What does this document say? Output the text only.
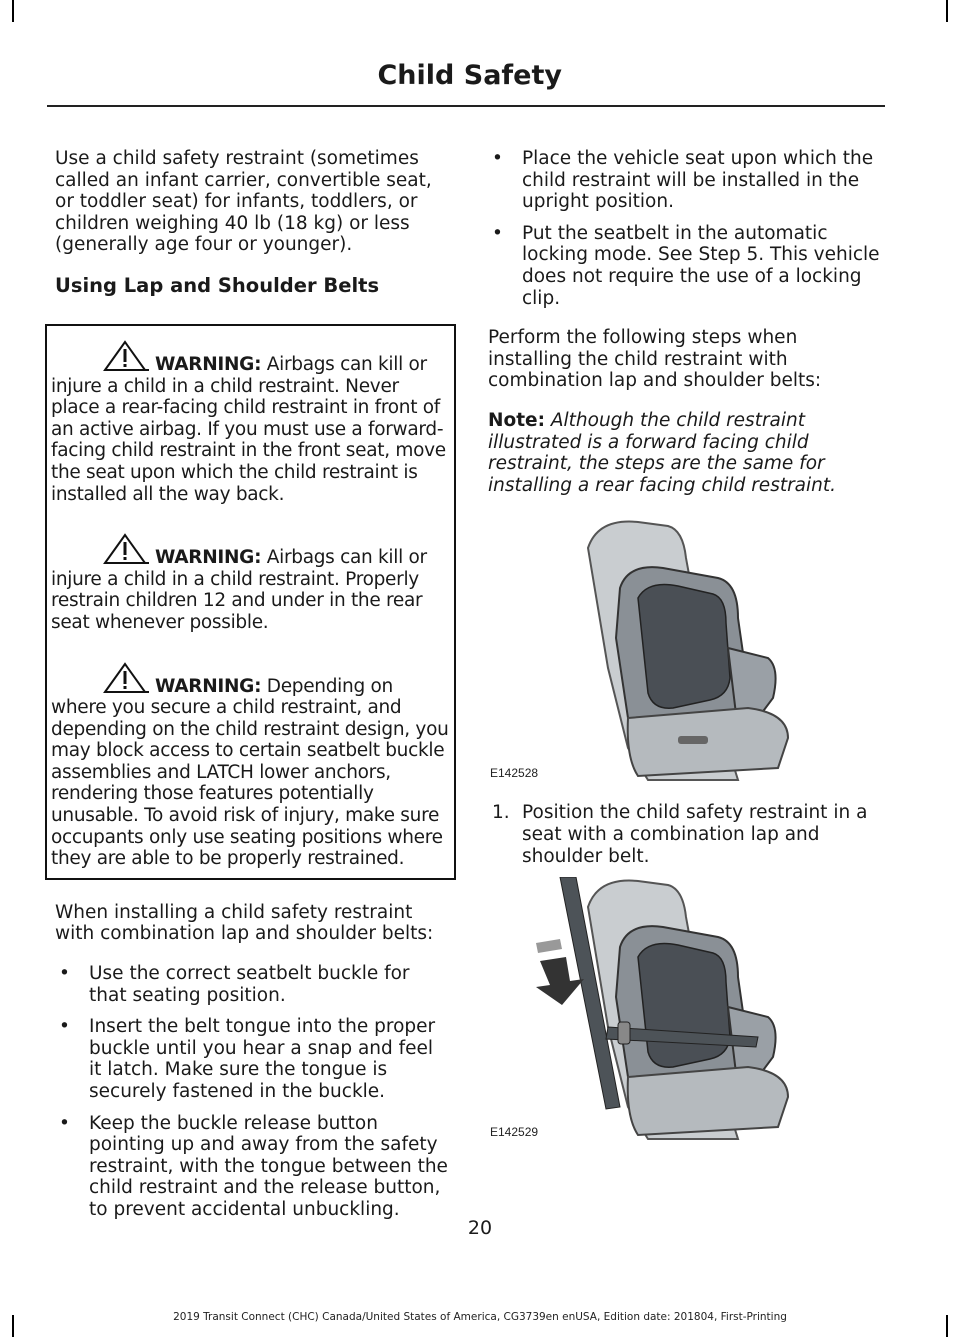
Child Safety

Use a child safety restraint (sometimes called an infant carrier, convertible seat, or toddler seat) for infants, toddlers, or children weighing 40 lb (18 kg) or less (generally age four or younger).

Using Lap and Shoulder Belts

WARNING: Airbags can kill or injure a child in a child restraint. Never place a rear-facing child restraint in front of an active airbag. If you must use a forward-facing child restraint in the front seat, move the seat upon which the child restraint is installed all the way back.

WARNING: Airbags can kill or injure a child in a child restraint. Properly restrain children 12 and under in the rear seat whenever possible.

WARNING: Depending on where you secure a child restraint, and depending on the child restraint design, you may block access to certain seatbelt buckle assemblies and LATCH lower anchors, rendering those features potentially unusable. To avoid risk of injury, make sure occupants only use seating positions where they are able to be properly restrained.

When installing a child safety restraint with combination lap and shoulder belts:

• Use the correct seatbelt buckle for that seating position.
• Insert the belt tongue into the proper buckle until you hear a snap and feel it latch. Make sure the tongue is securely fastened in the buckle.
• Keep the buckle release button pointing up and away from the safety restraint, with the tongue between the child restraint and the release button, to prevent accidental unbuckling.
• Place the vehicle seat upon which the child restraint will be installed in the upright position.
• Put the seatbelt in the automatic locking mode. See Step 5. This vehicle does not require the use of a locking clip.

Perform the following steps when installing the child restraint with combination lap and shoulder belts:

Note: Although the child restraint illustrated is a forward facing child restraint, the steps are the same for installing a rear facing child restraint.

E142528
1. Position the child safety restraint in a seat with a combination lap and shoulder belt.
E142529

20

2019 Transit Connect (CHC) Canada/United States of America, CG3739en enUSA, Edition date: 201804, First-Printing
